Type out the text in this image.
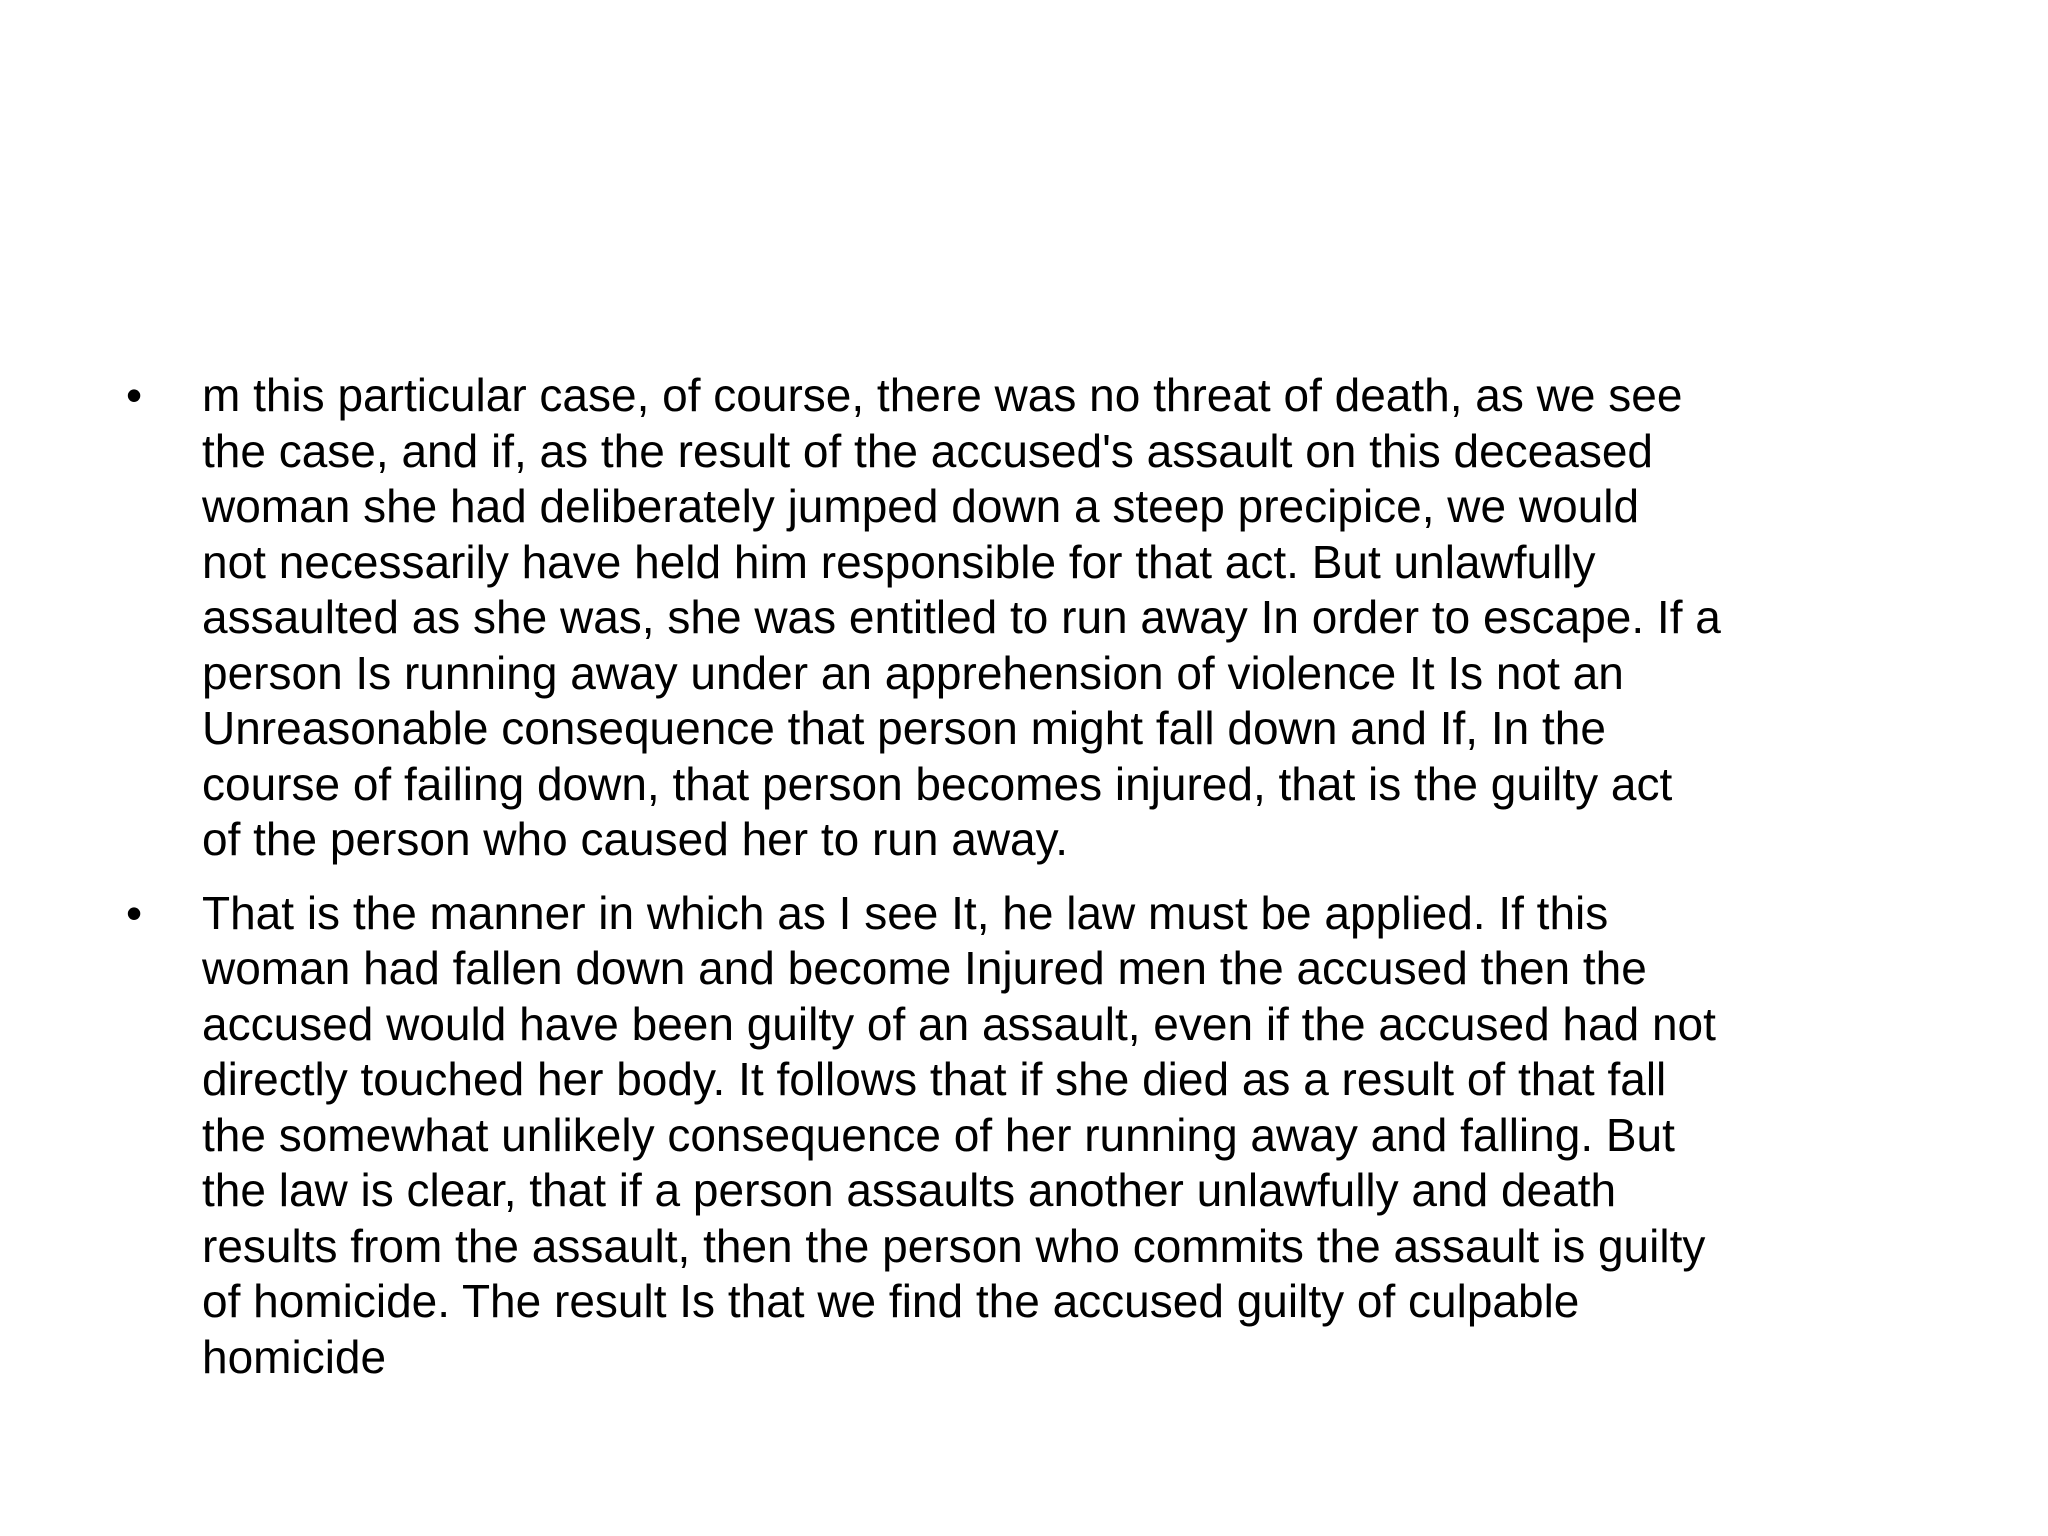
• m this particular case, of course, there was no threat of death, as we see
the case, and if, as the result of the accused's assault on this deceased
woman she had deliberately jumped down a steep precipice, we would
not necessarily have held him responsible for that act. But unlawfully
assaulted as she was, she was entitled to run away In order to escape. If a
person Is running away under an apprehension of violence It Is not an
Unreasonable consequence that person might fall down and If, In the
course of failing down, that person becomes injured, that is the guilty act
of the person who caused her to run away.
• That is the manner in which as I see It, he law must be applied. If this
woman had fallen down and become Injured men the accused then the
accused would have been guilty of an assault, even if the accused had not
directly touched her body. It follows that if she died as a result of that fall
the somewhat unlikely consequence of her running away and falling. But
the law is clear, that if a person assaults another unlawfully and death
results from the assault, then the person who commits the assault is guilty
of homicide. The result Is that we find the accused guilty of culpable
homicide
